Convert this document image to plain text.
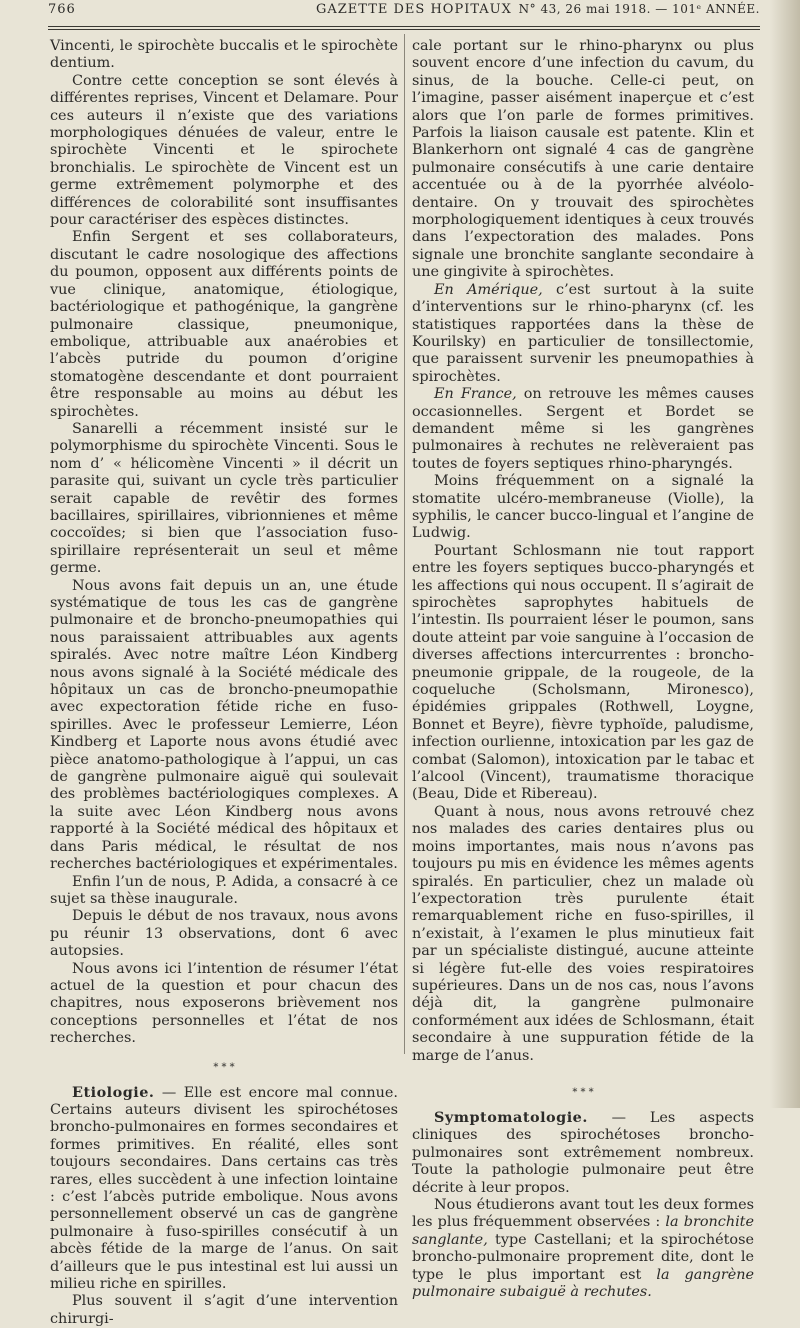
766	GAZETTE DES HOPITAUX N° 43, 26 mai 1918. — 101ᵉ ANNÉE.

Vincenti, le spirochète buccalis et le spirochète dentium.

Contre cette conception se sont élevés à différentes reprises, Vincent et Delamare. Pour ces auteurs il n’existe que des variations morphologiques dénuées de valeur, entre le spirochète Vincenti et le spirochete bronchialis. Le spirochète de Vincent est un germe extrêmement polymorphe et des différences de colorabilité sont insuffisantes pour caractériser des espèces distinctes.

Enfin Sergent et ses collaborateurs, discutant le cadre nosologique des affections du poumon, opposent aux différents points de vue clinique, anatomique, étiologique, bactériologique et pathogénique, la gangrène pulmonaire classique, pneumonique, embolique, attribuable aux anaérobies et l’abcès putride du poumon d’origine stomatogène descendante et dont pourraient être responsable au moins au début les spirochètes.

Sanarelli a récemment insisté sur le polymorphisme du spirochète Vincenti. Sous le nom d’ « hélicomène Vincenti » il décrit un parasite qui, suivant un cycle très particulier serait capable de revêtir des formes bacillaires, spirillaires, vibrionnienes et même coccoïdes; si bien que l’association fuso-spirillaire représenterait un seul et même germe.

Nous avons fait depuis un an, une étude systématique de tous les cas de gangrène pulmonaire et de broncho-pneumopathies qui nous paraissaient attribuables aux agents spiralés. Avec notre maître Léon Kindberg nous avons signalé à la Société médicale des hôpitaux un cas de broncho-pneumopathie avec expectoration fétide riche en fuso-spirilles. Avec le professeur Lemierre, Léon Kindberg et Laporte nous avons étudié avec pièce anatomo-pathologique à l’appui, un cas de gangrène pulmonaire aiguë qui soulevait des problèmes bactériologiques complexes. A la suite avec Léon Kindberg nous avons rapporté à la Société médical des hôpitaux et dans Paris médical, le résultat de nos recherches bactériologiques et expérimentales.

Enfin l’un de nous, P. Adida, a consacré à ce sujet sa thèse inaugurale.

Depuis le début de nos travaux, nous avons pu réunir 13 observations, dont 6 avec autopsies.

Nous avons ici l’intention de résumer l’état actuel de la question et pour chacun des chapitres, nous exposerons brièvement nos conceptions personnelles et l’état de nos recherches.

* * *

Etiologie. — Elle est encore mal connue. Certains auteurs divisent les spirochétoses broncho-pulmonaires en formes secondaires et formes primitives. En réalité, elles sont toujours secondaires. Dans certains cas très rares, elles succèdent à une infection lointaine : c’est l’abcès putride embolique. Nous avons personnellement observé un cas de gangrène pulmonaire à fuso-spirilles consécutif à un abcès fétide de la marge de l’anus. On sait d’ailleurs que le pus intestinal est lui aussi un milieu riche en spirilles.

Plus souvent il s’agit d’une intervention chirurgi-

cale portant sur le rhino-pharynx ou plus souvent encore d’une infection du cavum, du sinus, de la bouche. Celle-ci peut, on l’imagine, passer aisément inaperçue et c’est alors que l’on parle de formes primitives. Parfois la liaison causale est patente. Klin et Blankerhorn ont signalé 4 cas de gangrène pulmonaire consécutifs à une carie dentaire accentuée ou à de la pyorrhée alvéolo-dentaire. On y trouvait des spirochètes morphologiquement identiques à ceux trouvés dans l’expectoration des malades. Pons signale une bronchite sanglante secondaire à une gingivite à spirochètes.

En Amérique, c’est surtout à la suite d’interventions sur le rhino-pharynx (cf. les statistiques rapportées dans la thèse de Kourilsky) en particulier de tonsillectomie, que paraissent survenir les pneumopathies à spirochètes.

En France, on retrouve les mêmes causes occasionnelles. Sergent et Bordet se demandent même si les gangrènes pulmonaires à rechutes ne relèveraient pas toutes de foyers septiques rhino-pharyngés.

Moins fréquemment on a signalé la stomatite ulcéro-membraneuse (Violle), la syphilis, le cancer bucco-lingual et l’angine de Ludwig.

Pourtant Schlosmann nie tout rapport entre les foyers septiques bucco-pharyngés et les affections qui nous occupent. Il s’agirait de spirochètes saprophytes habituels de l’intestin. Ils pourraient léser le poumon, sans doute atteint par voie sanguine à l’occasion de diverses affections intercurrentes : broncho-pneumonie grippale, de la rougeole, de la coqueluche (Scholsmann, Mironesco), épidémies grippales (Rothwell, Loygne, Bonnet et Beyre), fièvre typhoïde, paludisme, infection ourlienne, intoxication par les gaz de combat (Salomon), intoxication par le tabac et l’alcool (Vincent), traumatisme thoracique (Beau, Dide et Ribereau).

Quant à nous, nous avons retrouvé chez nos malades des caries dentaires plus ou moins importantes, mais nous n’avons pas toujours pu mis en évidence les mêmes agents spiralés. En particulier, chez un malade où l’expectoration très purulente était remarquablement riche en fuso-spirilles, il n’existait, à l’examen le plus minutieux fait par un spécialiste distingué, aucune atteinte si légère fut-elle des voies respiratoires supérieures. Dans un de nos cas, nous l’avons déjà dit, la gangrène pulmonaire conformément aux idées de Schlosmann, était secondaire à une suppuration fétide de la marge de l’anus.

* * *

Symptomatologie. — Les aspects cliniques des spirochétoses broncho-pulmonaires sont extrêmement nombreux. Toute la pathologie pulmonaire peut être décrite à leur propos.

Nous étudierons avant tout les deux formes les plus fréquemment observées : la bronchite sanglante, type Castellani; et la spirochétose broncho-pulmonaire proprement dite, dont le type le plus important est la gangrène pulmonaire subaiguë à rechutes.
